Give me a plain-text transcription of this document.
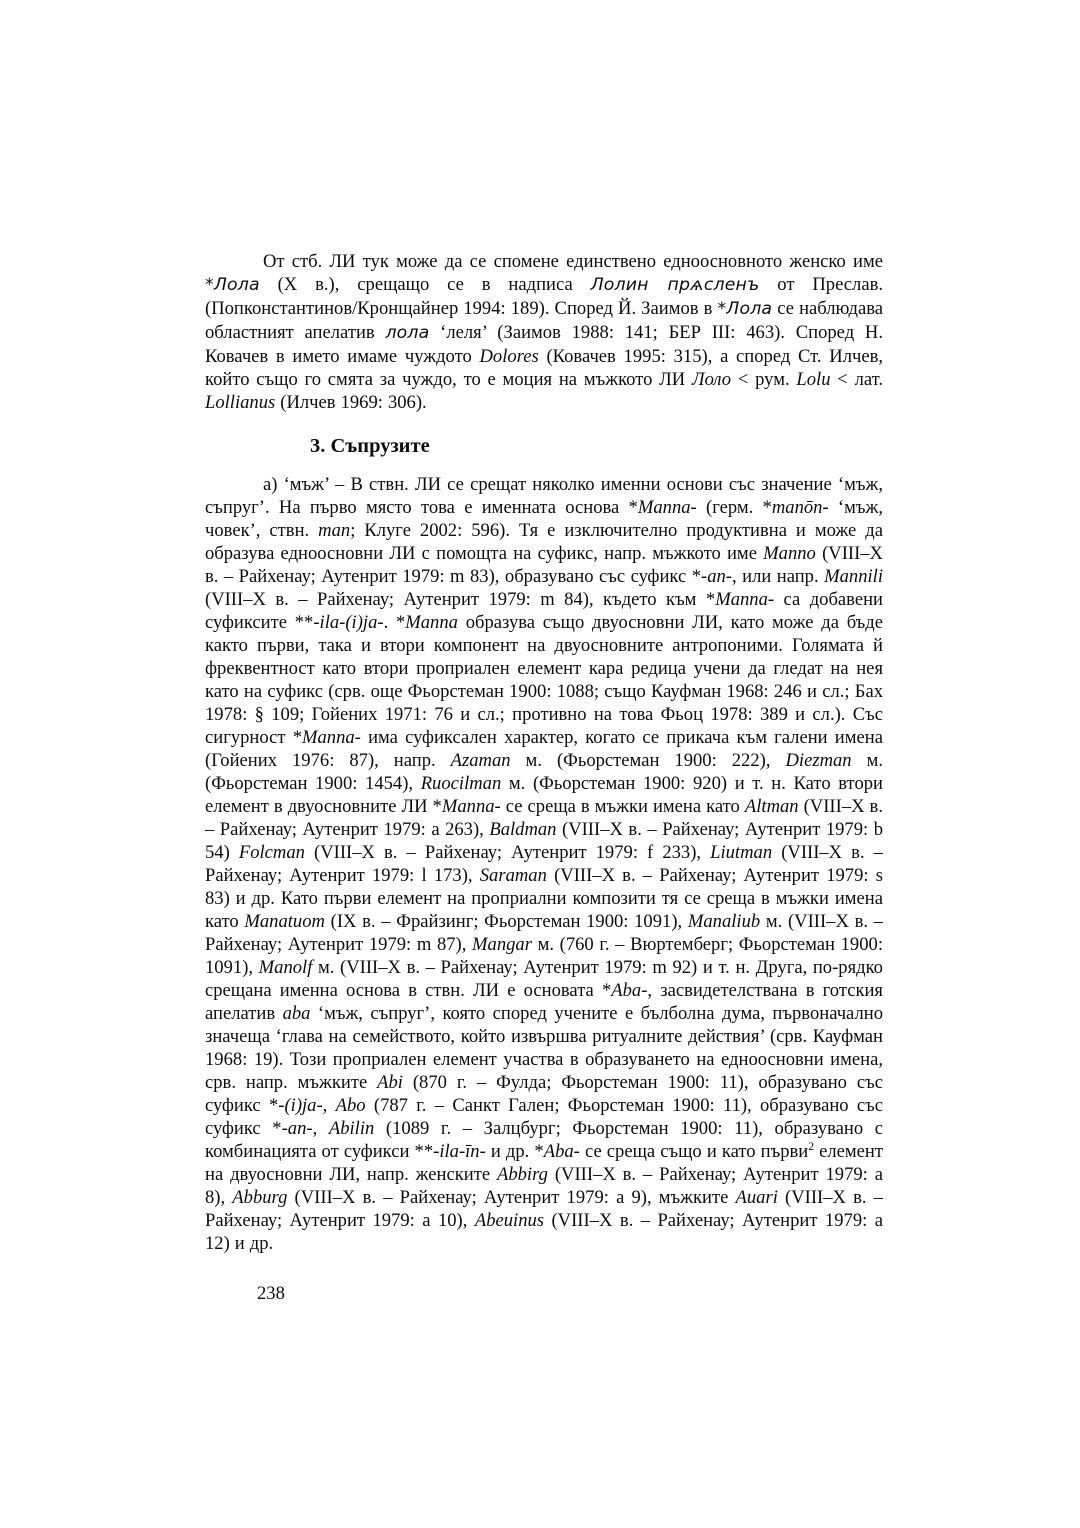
От стб. ЛИ тук може да се спомене единствено едноосновното женско име *Лола (X в.), срещащо се в надписа Лолин прѧсленъ от Преслав. (Попконстантинов/Кронщайнер 1994: 189). Според Й. Заимов в *Лола се наблюдава областният апелатив лола ‘леля’ (Заимов 1988: 141; БЕР III: 463). Според Н. Ковачев в името имаме чуждото Dolores (Ковачев 1995: 315), а според Ст. Илчев, който също го смята за чуждо, то е моция на мъжкото ЛИ Лоло < рум. Lolu < лат. Lollianus (Илчев 1969: 306).

3. Съпрузите

а) ‘мъж’ – В ствн. ЛИ се срещат няколко именни основи със значение ‘мъж, съпруг’. На първо място това е именната основа *Manna- (герм. *manōn- ‘мъж, човек’, ствн. man; Клуге 2002: 596). Тя е изключително продуктивна и може да образува едноосновни ЛИ с помощта на суфикс, напр. мъжкото име Manno (VIII–X в. – Райхенау; Аутенрит 1979: m 83), образувано със суфикс *-an-, или напр. Mannili (VIII–X в. – Райхенау; Аутенрит 1979: m 84), където към *Manna- са добавени суфиксите **-ila-(i)ja-. *Manna образува също двуосновни ЛИ, като може да бъде както първи, така и втори компонент на двуосновните антропоними. Голямата й фреквентност като втори проприален елемент кара редица учени да гледат на нея като на суфикс (срв. още Фьорстеман 1900: 1088; също Кауфман 1968: 246 и сл.; Бах 1978: § 109; Гойених 1971: 76 и сл.; противно на това Фьоц 1978: 389 и сл.). Със сигурност *Manna- има суфиксален характер, когато се прикача към галени имена (Гойених 1976: 87), напр. Azaman м. (Фьорстеман 1900: 222), Diezman м. (Фьорстеман 1900: 1454), Ruocilman м. (Фьорстеман 1900: 920) и т. н. Като втори елемент в двуосновните ЛИ *Manna- се среща в мъжки имена като Altman (VIII–X в. – Райхенау; Аутенрит 1979: a 263), Baldman (VIII–X в. – Райхенау; Аутенрит 1979: b 54) Folcman (VIII–X в. – Райхенау; Аутенрит 1979: f 233), Liutman (VIII–X в. – Райхенау; Аутенрит 1979: l 173), Saraman (VIII–X в. – Райхенау; Аутенрит 1979: s 83) и др. Като първи елемент на проприални композити тя се среща в мъжки имена като Manatuom (IX в. – Фрайзинг; Фьорстеман 1900: 1091), Manaliub м. (VIII–X в. – Райхенау; Аутенрит 1979: m 87), Mangar м. (760 г. – Вюртемберг; Фьорстеман 1900: 1091), Manolf м. (VIII–X в. – Райхенау; Аутенрит 1979: m 92) и т. н. Друга, по-рядко срещана именна основа в ствн. ЛИ е основата *Aba-, засвидетелствана в готския апелатив aba ‘мъж, съпруг’, която според учените е бълболна дума, първоначално значеща ‘глава на семейството, който извършва ритуалните действия’ (срв. Кауфман 1968: 19). Този проприален елемент участва в образуването на едноосновни имена, срв. напр. мъжките Abi (870 г. – Фулда; Фьорстеман 1900: 11), образувано със суфикс *-(i)ja-, Abo (787 г. – Санкт Гален; Фьорстеман 1900: 11), образувано със суфикс *-an-, Abilin (1089 г. – Залцбург; Фьорстеман 1900: 11), образувано с комбинацията от суфикси **-ila-īn- и др. *Aba- се среща също и като първи$^2$ елемент на двуосновни ЛИ, напр. женските Abbirg (VIII–X в. – Райхенау; Аутенрит 1979: a 8), Abburg (VIII–X в. – Райхенау; Аутенрит 1979: a 9), мъжките Auari (VIII–X в. – Райхенау; Аутенрит 1979: a 10), Abeuinus (VIII–X в. – Райхенау; Аутенрит 1979: a 12) и др.

238
